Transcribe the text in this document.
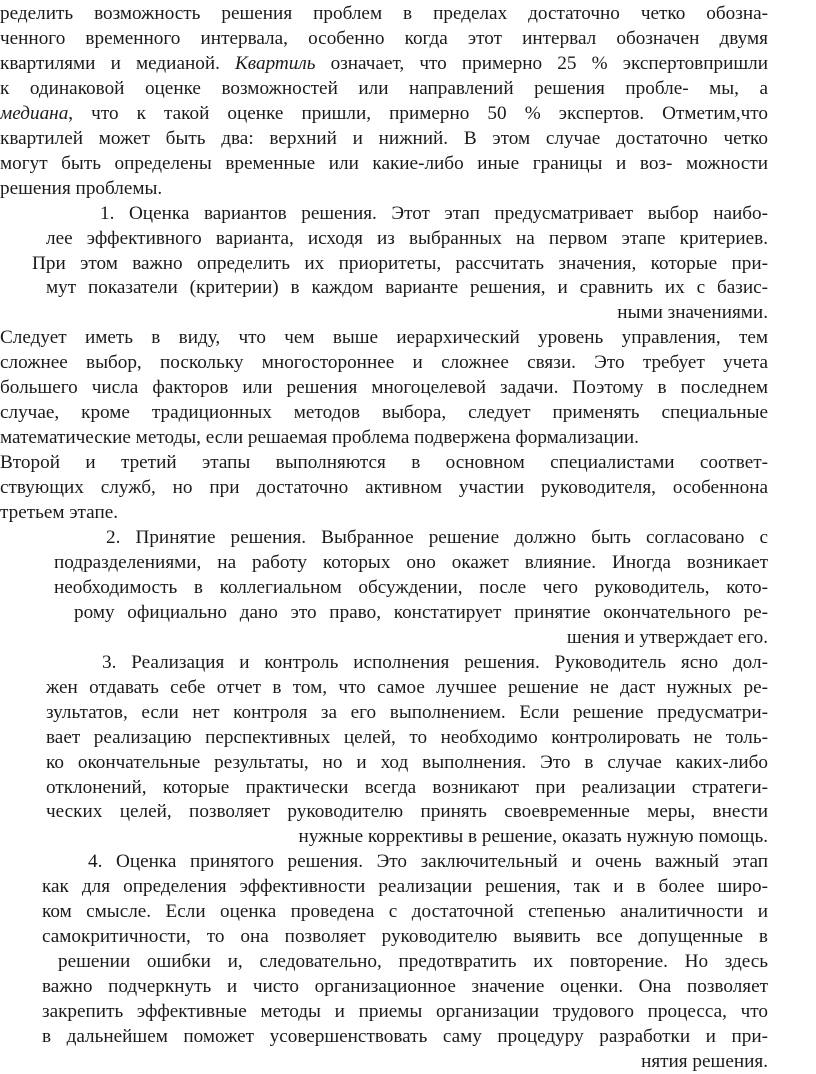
ределить возможность решения проблем в пределах достаточно четко обозна-
ченного временного интервала, особенно когда этот интервал обозначен двумя
квартилями и медианой. Квартиль означает, что примерно 25 % экспертовпришли
к одинаковой оценке возможностей или направлений решения пробле- мы, а
медиана, что к такой оценке пришли, примерно 50 % экспертов. Отметим,что
квартилей может быть два: верхний и нижний. В этом случае достаточно четко
могут быть определены временные или какие-либо иные границы и воз- можности
решения проблемы.
1. Оценка вариантов решения. Этот этап предусматривает выбор наибо-
лее эффективного варианта, исходя из выбранных на первом этапе критериев.
При этом важно определить их приоритеты, рассчитать значения, которые при-
мут показатели (критерии) в каждом варианте решения, и сравнить их с базис-
ными значениями.
Следует иметь в виду, что чем выше иерархический уровень управления, тем
сложнее выбор, поскольку многостороннее и сложнее связи. Это требует учета
большего числа факторов или решения многоцелевой задачи. Поэтому в последнем
случае, кроме традиционных методов выбора, следует применять специальные
математические методы, если решаемая проблема подвержена формализации.
Второй и третий этапы выполняются в основном специалистами соответ-
ствующих служб, но при достаточно активном участии руководителя, особеннона
третьем этапе.
2. Принятие решения. Выбранное решение должно быть согласовано с
подразделениями, на работу которых оно окажет влияние. Иногда возникает
необходимость в коллегиальном обсуждении, после чего руководитель, кото-
рому официально дано это право, констатирует принятие окончательного ре-
шения и утверждает его.
3. Реализация и контроль исполнения решения. Руководитель ясно дол-
жен отдавать себе отчет в том, что самое лучшее решение не даст нужных ре-
зультатов, если нет контроля за его выполнением. Если решение предусматри-
вает реализацию перспективных целей, то необходимо контролировать не толь-
ко окончательные результаты, но и ход выполнения. Это в случае каких-либо
отклонений, которые практически всегда возникают при реализации стратеги-
ческих целей, позволяет руководителю принять своевременные меры, внести
нужные коррективы в решение, оказать нужную помощь.
4. Оценка принятого решения. Это заключительный и очень важный этап
как для определения эффективности реализации решения, так и в более широ-
ком смысле. Если оценка проведена с достаточной степенью аналитичности и
самокритичности, то она позволяет руководителю выявить все допущенные в
решении ошибки и, следовательно, предотвратить их повторение. Но здесь
важно подчеркнуть и чисто организационное значение оценки. Она позволяет
закрепить эффективные методы и приемы организации трудового процесса, что
в дальнейшем поможет усовершенствовать саму процедуру разработки и при-
нятия решения.
